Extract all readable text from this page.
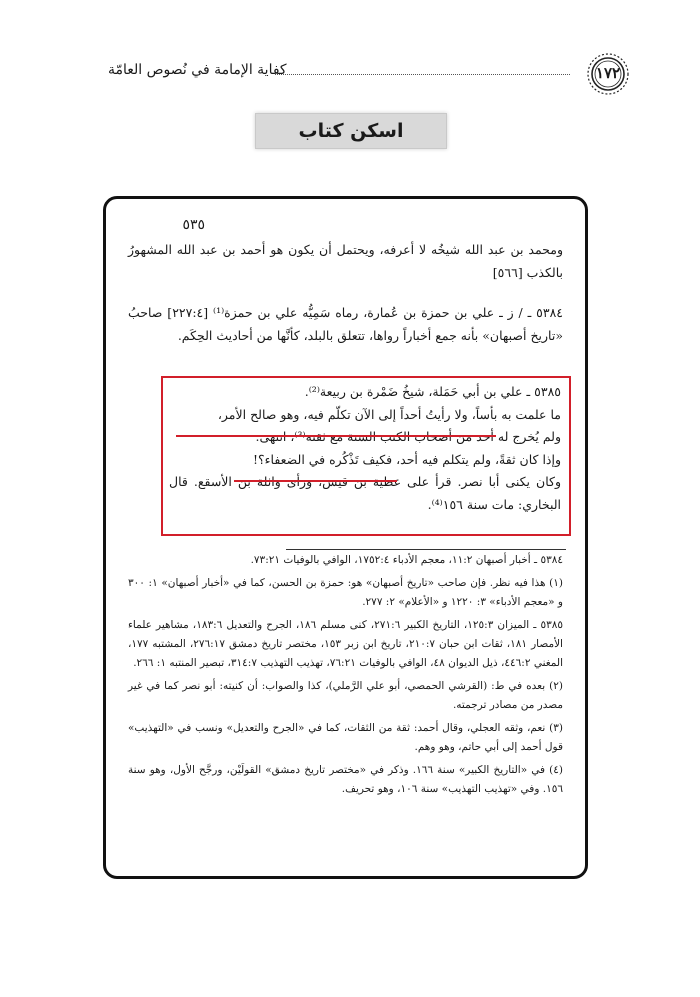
كفاية الإمامة في نُصوص العامّة	١٧٢
اسكن كتاب
٥٣٥
ومحمد بن عبد الله شيخُه لا أعرفه، ويحتمل أن يكون هو أحمد بن عبد الله المشهورُ بالكذب [٥٦٦]
٥٣٨٤ ـ / ز ـ علي بن حمزة بن عُمارة، رماه سَمِيُّه علي بن حمزة⁽¹⁾ [٢٢٧:٤] صاحبُ «تاريخ أصبهان» بأنه جمع أخباراً رواها، تتعلق بالبلد، كأنَّها من أحاديث الحِكَم.
٥٣٨٥ ـ علي بن أبي حَمَلة، شيخُ ضَمْرة بن ربيعة⁽²⁾.
ما علمت به بأساً، ولا رأيتُ أحداً إلى الآن تكلّم فيه، وهو صالح الأمر،
ولم يُخرج له أحد من أصحاب الكتب الستة مع ثقته⁽³⁾، انتهى.
وإذا كان ثقةً، ولم يتكلم فيه أحد، فكيف تَذْكُره في الضعفاء؟!
وكان يكنى أبا نصر. قرأ على عطية بن قيس، ورأى واثلة بن الأسقع. قال البخاري: مات سنة ١٥٦⁽⁴⁾.
٥٣٨٤ ـ أخبار أصبهان ١١:٢، معجم الأدباء ١٧٥٢:٤، الوافي بالوفيات ٧٣:٢١.
(١) هذا فيه نظر. فإن صاحب «تاريخ أصبهان» هو: حمزة بن الحسن، كما في «أخبار أصبهان» ١: ٣٠٠ و «معجم الأدباء» ٣: ١٢٢٠ و «الأعلام» ٢: ٢٧٧.
٥٣٨٥ ـ الميزان ١٢٥:٣، التاريخ الكبير ٢٧١:٦، كنى مسلم ١٨٦، الجرح والتعديل ١٨٣:٦، مشاهير علماء الأمصار ١٨١، ثقات ابن حبان ٢١٠:٧، تاريخ ابن زبر ١٥٣، مختصر تاريخ دمشق ٢٧٦:١٧، المشتبه ١٧٧، المغني ٤٤٦:٢، ذيل الديوان ٤٨، الوافي بالوفيات ٧٦:٢١، تهذيب التهذيب ٣١٤:٧، تبصير المنتبه ١: ٢٦٦.
(٢) بعده في ط: (القرشي الحمصي، أبو علي الرَّملي)، كذا والصواب: أن كنيته: أبو نصر كما في غير مصدر من مصادر ترجمته.
(٣) نعم، وثقه العجلي، وقال أحمد: ثقة من الثقات، كما في «الجرح والتعديل» ونسب في «التهذيب» قول أحمد إلى أبي حاتم، وهو وهم.
(٤) في «التاريخ الكبير» سنة ١٦٦. وذكر في «مختصر تاريخ دمشق» القولَيْن، ورجَّح الأول، وهو سنة ١٥٦. وفي «تهذيب التهذيب» سنة ١٠٦، وهو تحريف.
